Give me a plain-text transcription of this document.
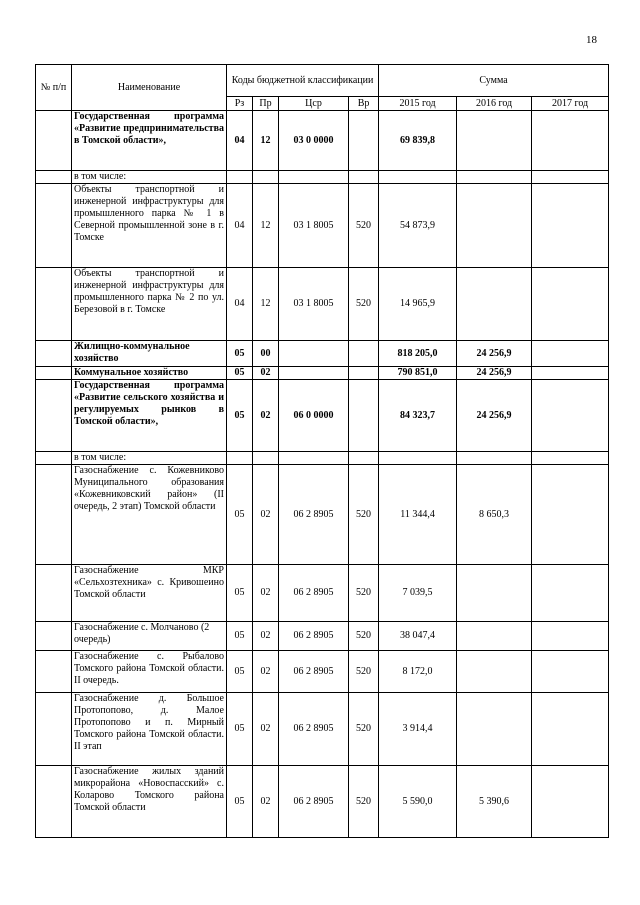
18
№ п/п	Наименование	Коды бюджетной классификации				Сумма		
		Рз	Пр	Цср	Вр	2015 год	2016 год	2017 год
	Государственная программа «Развитие предпринимательства в Томской области»,	04	12	03 0 0000		69 839,8		
	в том числе:							
	Объекты транспортной и инженерной инфраструктуры для промышленного парка № 1 в Северной промышленной зоне в г. Томске	04	12	03 1 8005	520	54 873,9		
	Объекты транспортной и инженерной инфраструктуры для промышленного парка № 2 по ул. Березовой в г. Томске	04	12	03 1 8005	520	14 965,9		
	Жилищно-коммунальное хозяйство	05	00			818 205,0	24 256,9	
	Коммунальное хозяйство	05	02			790 851,0	24 256,9	
	Государственная программа «Развитие сельского хозяйства и регулируемых рынков в Томской области»,	05	02	06 0 0000		84 323,7	24 256,9	
	в том числе:							
	Газоснабжение с. Кожевниково Муниципального образования «Кожевниковский район» (II очередь, 2 этап) Томской области	05	02	06 2 8905	520	11 344,4	8 650,3	
	Газоснабжение МКР «Сельхозтехника» с. Кривошеино Томской области	05	02	06 2 8905	520	7 039,5		
	Газоснабжение с. Молчаново (2 очередь)	05	02	06 2 8905	520	38 047,4		
	Газоснабжение с. Рыбалово Томского района Томской области. II очередь.	05	02	06 2 8905	520	8 172,0		
	Газоснабжение д. Большое Протопопово, д. Малое Протопопово и п. Мирный Томского района Томской области. II этап	05	02	06 2 8905	520	3 914,4		
	Газоснабжение жилых зданий микрорайона «Новоспасский» с. Коларово Томского района Томской области	05	02	06 2 8905	520	5 590,0	5 390,6	
